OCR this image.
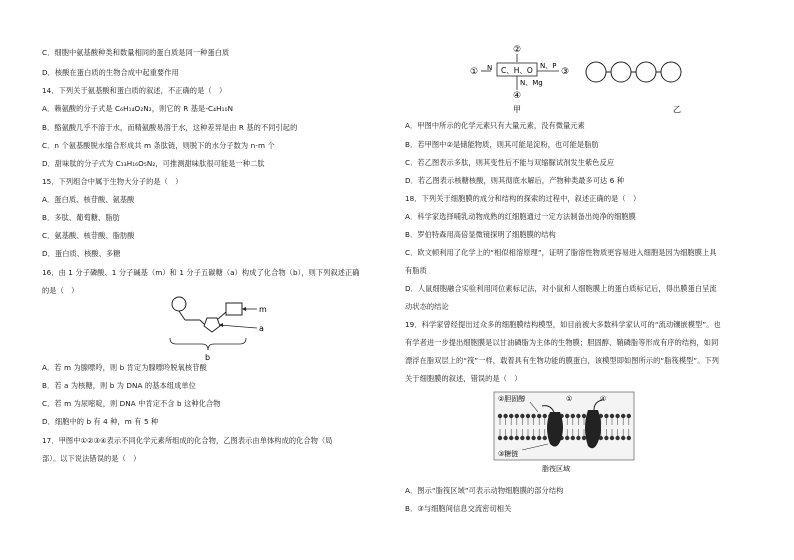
C．细胞中氨基酸种类和数量相同的蛋白质是同一种蛋白质
D．核酸在蛋白质的生物合成中起重要作用
14．下列关于氨基酸和蛋白质的叙述，不正确的是（　）
A．赖氨酸的分子式是 C₆H₁₄O₂N₂，则它的 R 基是-C₄H₁₀N
B．酪氨酸几乎不溶于水，而精氨酸易溶于水，这种差异是由 R 基的不同引起的
C．n 个氨基酸脱水缩合形成共 m 条肽链，则脱下的水分子数为 n-m 个
D．甜味肽的分子式为 C₁₃H₁₆O₅N₂，可推测甜味肽很可能是一种二肽
15．下列组合中属于生物大分子的是（　）
A．蛋白质、核苷酸、氨基酸
B．多肽、葡萄糖、脂肪
C．氨基酸、核苷酸、脂肪酸
D．蛋白质、核酸、多糖
16．由 1 分子磷酸、1 分子碱基（m）和 1 分子五碳糖（a）构成了化合物（b），则下列叙述正确
的是（　）
m
a
b
A．若 m 为腺嘌呤，则 b 肯定为腺嘌呤脱氧核苷酸
B．若 a 为核糖，则 b 为 DNA 的基本组成单位
C．若 m 为尿嘧啶，则 DNA 中肯定不含 b 这种化合物
D．细胞中的 b 有 4 种，m 有 5 种
17．甲图中①②③④表示不同化学元素所组成的化合物，乙图表示由单体构成的化合物（局
部）。以下说法错误的是（　）
②
① N C、H、O N、P
③
N、Mg
④
甲	乙
A．甲图中所示的化学元素只有大量元素，没有微量元素
B．若甲图中②是储能物质，则其可能是淀粉，也可能是脂肪
C．若乙图表示多肽，则其变性后不能与双缩脲试剂发生紫色反应
D．若乙图表示核糖核酸，则其彻底水解后，产物种类最多可达 6 种
18．下列关于细胞膜的成分和结构的探索的过程中，叙述正确的是（　）
A．科学家选择哺乳动物成熟的红细胞通过一定方法制备出纯净的细胞膜
B．罗伯特森用高倍显微镜探明了细胞膜的结构
C．欧文顿利用了化学上的“相似相溶原理”，证明了脂溶性物质更容易进入细胞是因为细胞膜上具
有脂质
D．人鼠细胞融合实验利用同位素标记法，对小鼠和人细胞膜上的蛋白质标记后，得出膜蛋白呈流
动状态的结论
19．科学家曾经提出过众多的细胞膜结构模型，如目前被大多数科学家认可的“流动镶嵌模型”。也
有学者进一步提出细胞膜是以甘油磷脂为主体的生物膜；胆固醇、鞘磷脂等形成有序的结构，如同
漂浮在脂双层上的“筏”一样，载着具有生物功能的膜蛋白，该模型即如图所示的“脂筏模型”。下列
关于细胞膜的叙述，错误的是（　）
②胆固醇	①	④
③糖链
脂筏区域
A．图示“脂筏区域”可表示动物细胞膜的部分结构
B．③与细胞间信息交流密切相关
